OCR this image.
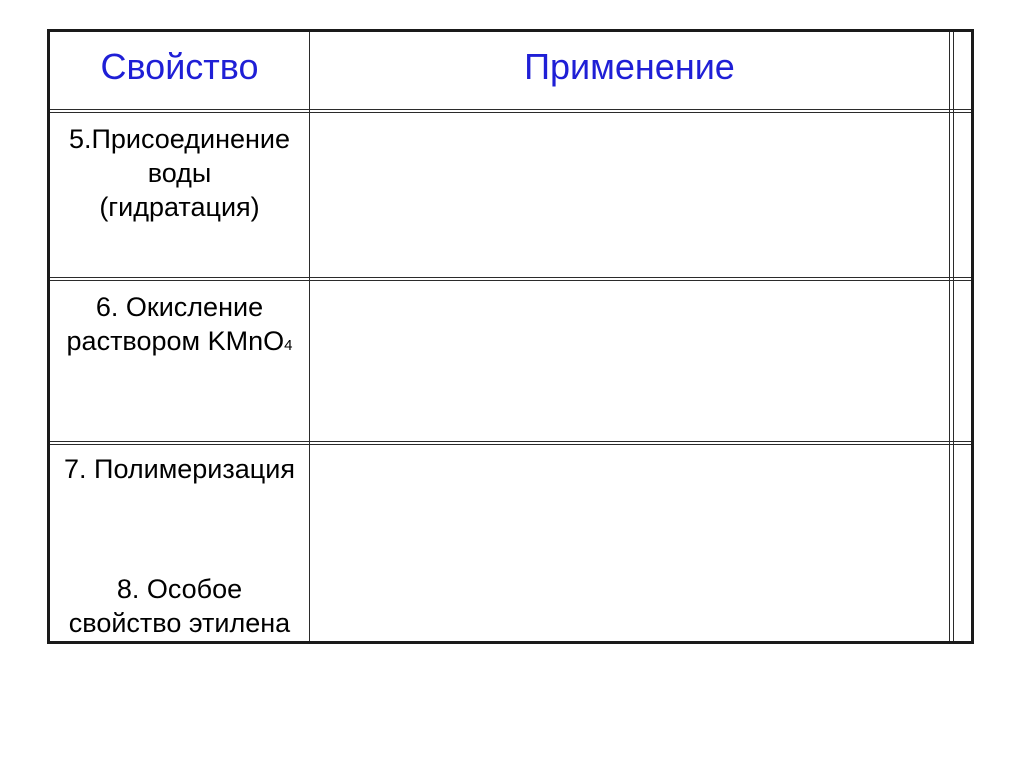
Свойство	Применение
5.Присоединение
воды
(гидратация)
6. Окисление
раствором KMnO4
7. Полимеризация
8. Особое
свойство этилена
